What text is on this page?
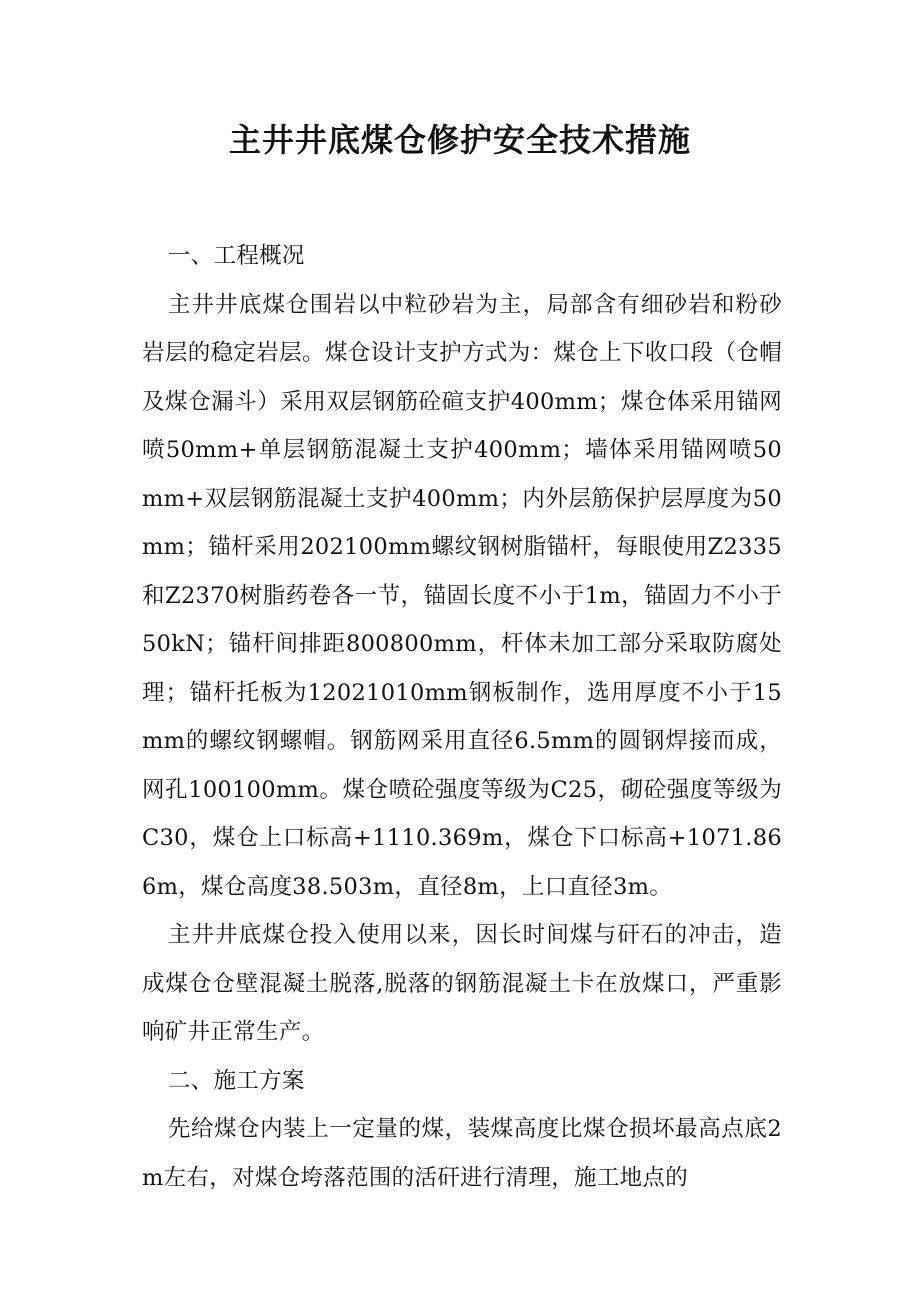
主井井底煤仓修护安全技术措施

一、工程概况

主井井底煤仓围岩以中粒砂岩为主，局部含有细砂岩和粉砂岩层的稳定岩层。煤仓设计支护方式为：煤仓上下收口段（仓帽及煤仓漏斗）采用双层钢筋砼碹支护400mm；煤仓体采用锚网喷50mm+单层钢筋混凝土支护400mm；墙体采用锚网喷50mm+双层钢筋混凝土支护400mm；内外层筋保护层厚度为50mm；锚杆采用202100mm螺纹钢树脂锚杆，每眼使用Z2335和Z2370树脂药卷各一节，锚固长度不小于1m，锚固力不小于50kN；锚杆间排距800800mm，杆体未加工部分采取防腐处理；锚杆托板为12021010mm钢板制作，选用厚度不小于15mm的螺纹钢螺帽。钢筋网采用直径6.5mm的圆钢焊接而成，网孔100100mm。煤仓喷砼强度等级为C25，砌砼强度等级为C30，煤仓上口标高+1110.369m，煤仓下口标高+1071.866m，煤仓高度38.503m，直径8m，上口直径3m。

主井井底煤仓投入使用以来，因长时间煤与矸石的冲击，造成煤仓仓壁混凝土脱落,脱落的钢筋混凝土卡在放煤口，严重影响矿井正常生产。

二、施工方案

先给煤仓内装上一定量的煤，装煤高度比煤仓损坏最高点底2m左右，对煤仓垮落范围的活矸进行清理，施工地点的
